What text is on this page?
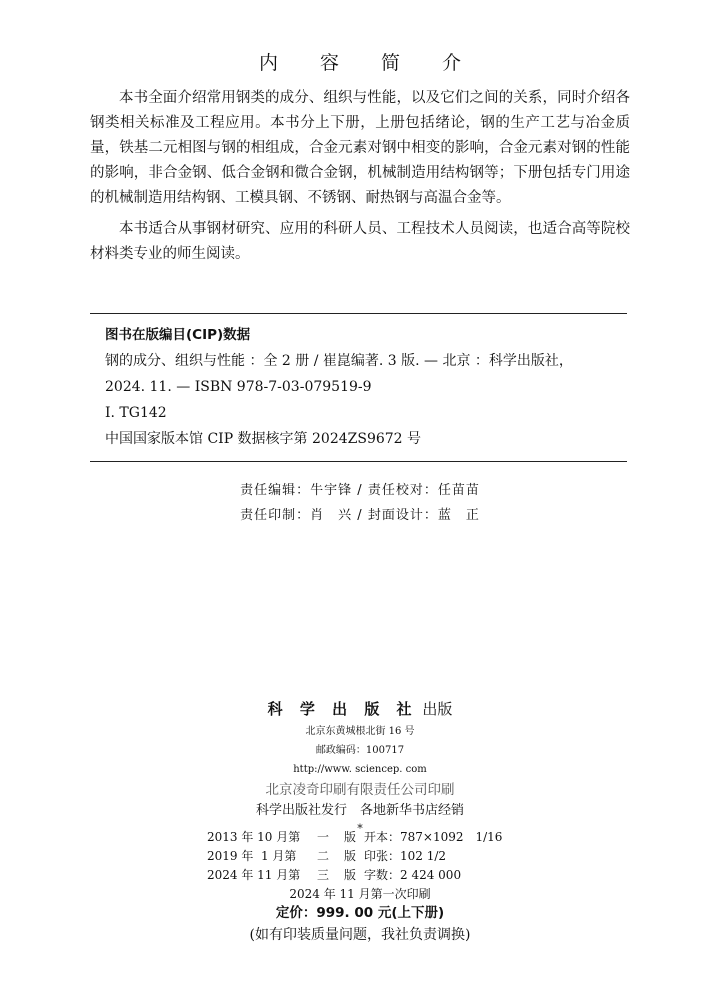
内 容 简 介

本书全面介绍常用钢类的成分、组织与性能，以及它们之间的关系，同时介绍各钢类相关标准及工程应用。本书分上下册，上册包括绪论，钢的生产工艺与冶金质量，铁基二元相图与钢的相组成，合金元素对钢中相变的影响，合金元素对钢的性能的影响，非合金钢、低合金钢和微合金钢，机械制造用结构钢等；下册包括专门用途的机械制造用结构钢、工模具钢、不锈钢、耐热钢与高温合金等。

本书适合从事钢材研究、应用的科研人员、工程技术人员阅读，也适合高等院校材料类专业的师生阅读。

图书在版编目(CIP)数据
钢的成分、组织与性能 ：全 2 册 / 崔崑编著. 3 版. — 北京 ：科学出版社，
2024. 11. — ISBN 978-7-03-079519-9
Ⅰ. TG142
中国国家版本馆 CIP 数据核字第 2024ZS9672 号
责任编辑：牛宇锋 / 责任校对：任苗苗
责任印制：肖　兴 / 封面设计：蓝　正
科 学 出 版 社 出版
北京东黄城根北街 16 号
邮政编码：100717
http://www. sciencep. com
北京凌奇印刷有限责任公司印刷
科学出版社发行　各地新华书店经销
*
2013 年 10 月第 一 版 开本：787×1092　1/16
2019 年  1 月第 二 版 印张：102 1/2
2024 年 11 月第 三 版 字数：2 424 000
2024 年 11 月第一次印刷
定价：999. 00 元(上下册)
(如有印装质量问题，我社负责调换)
